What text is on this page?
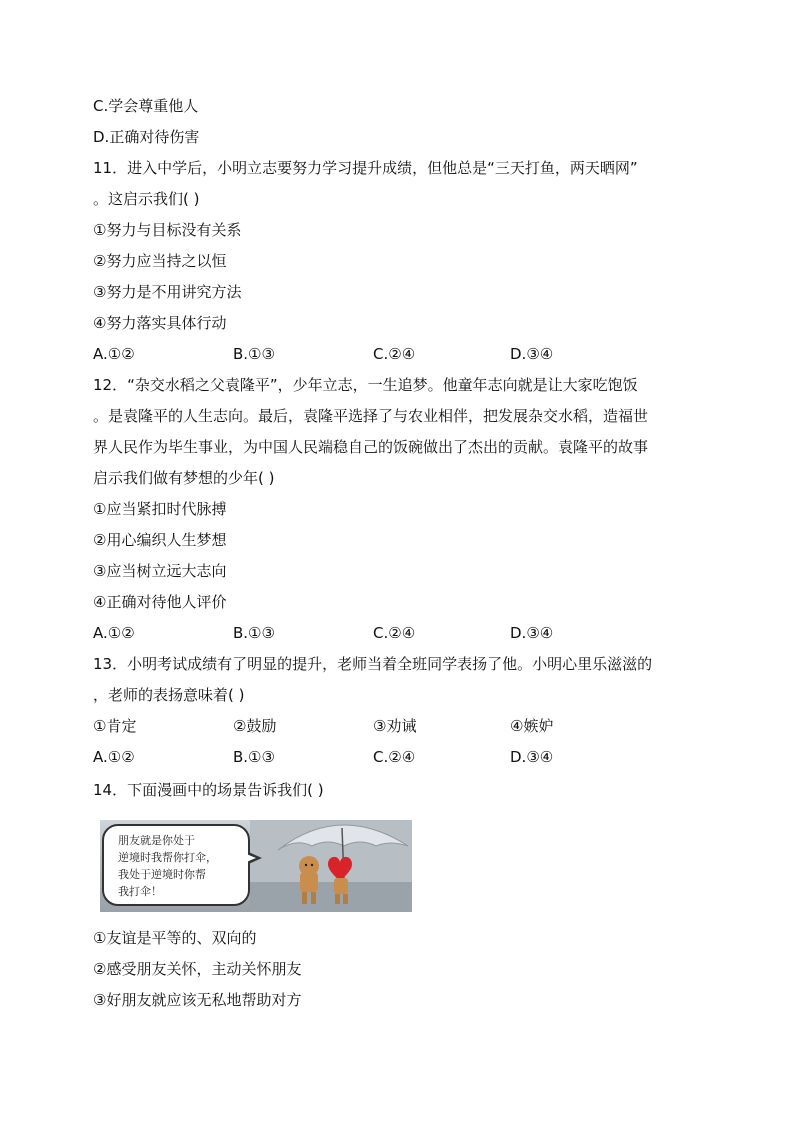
C.学会尊重他人
D.正确对待伤害
11．进入中学后，小明立志要努力学习提升成绩，但他总是“三天打鱼，两天晒网”
。这启示我们( )
①努力与目标没有关系
②努力应当持之以恒
③努力是不用讲究方法
④努力落实具体行动
A.①②	B.①③	C.②④	D.③④
12．“杂交水稻之父袁隆平”，少年立志，一生追梦。他童年志向就是让大家吃饱饭
。是袁隆平的人生志向。最后，袁隆平选择了与农业相伴，把发展杂交水稻，造福世
界人民作为毕生事业，为中国人民端稳自己的饭碗做出了杰出的贡献。袁隆平的故事
启示我们做有梦想的少年( )
①应当紧扣时代脉搏
②用心编织人生梦想
③应当树立远大志向
④正确对待他人评价
A.①②	B.①③	C.②④	D.③④
13．小明考试成绩有了明显的提升，老师当着全班同学表扬了他。小明心里乐滋滋的
，老师的表扬意味着( )
①肯定	②鼓励	③劝诫	④嫉妒
A.①②	B.①③	C.②④	D.③④
14．下面漫画中的场景告诉我们( )
朋友就是你处于
逆境时我帮你打伞，
我处于逆境时你帮
我打伞！
①友谊是平等的、双向的
②感受朋友关怀，主动关怀朋友
③好朋友就应该无私地帮助对方
